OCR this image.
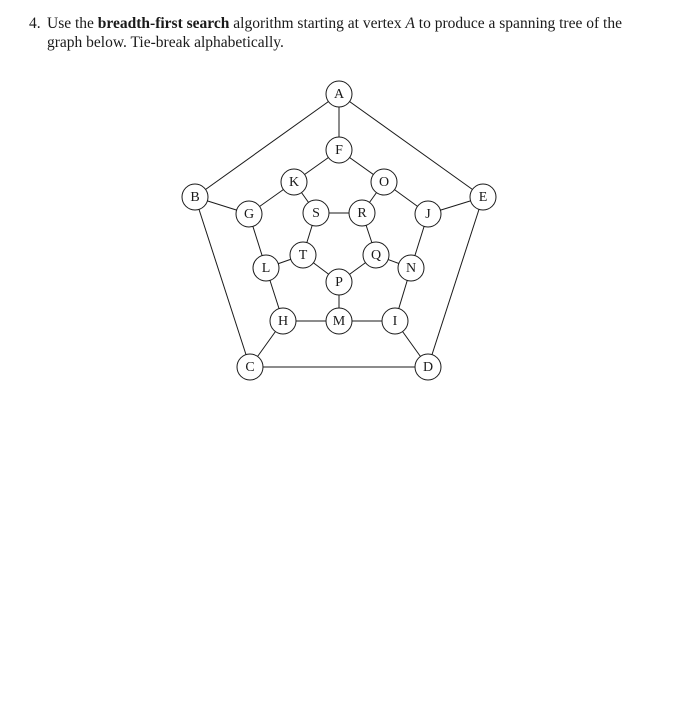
4. Use the breadth-first search algorithm starting at vertex A to produce a spanning tree of the graph below. Tie-break alphabetically.
A
B
C	D
E
F
G
H	I
J
K
L
M
N
O
P
Q
R
S
T
